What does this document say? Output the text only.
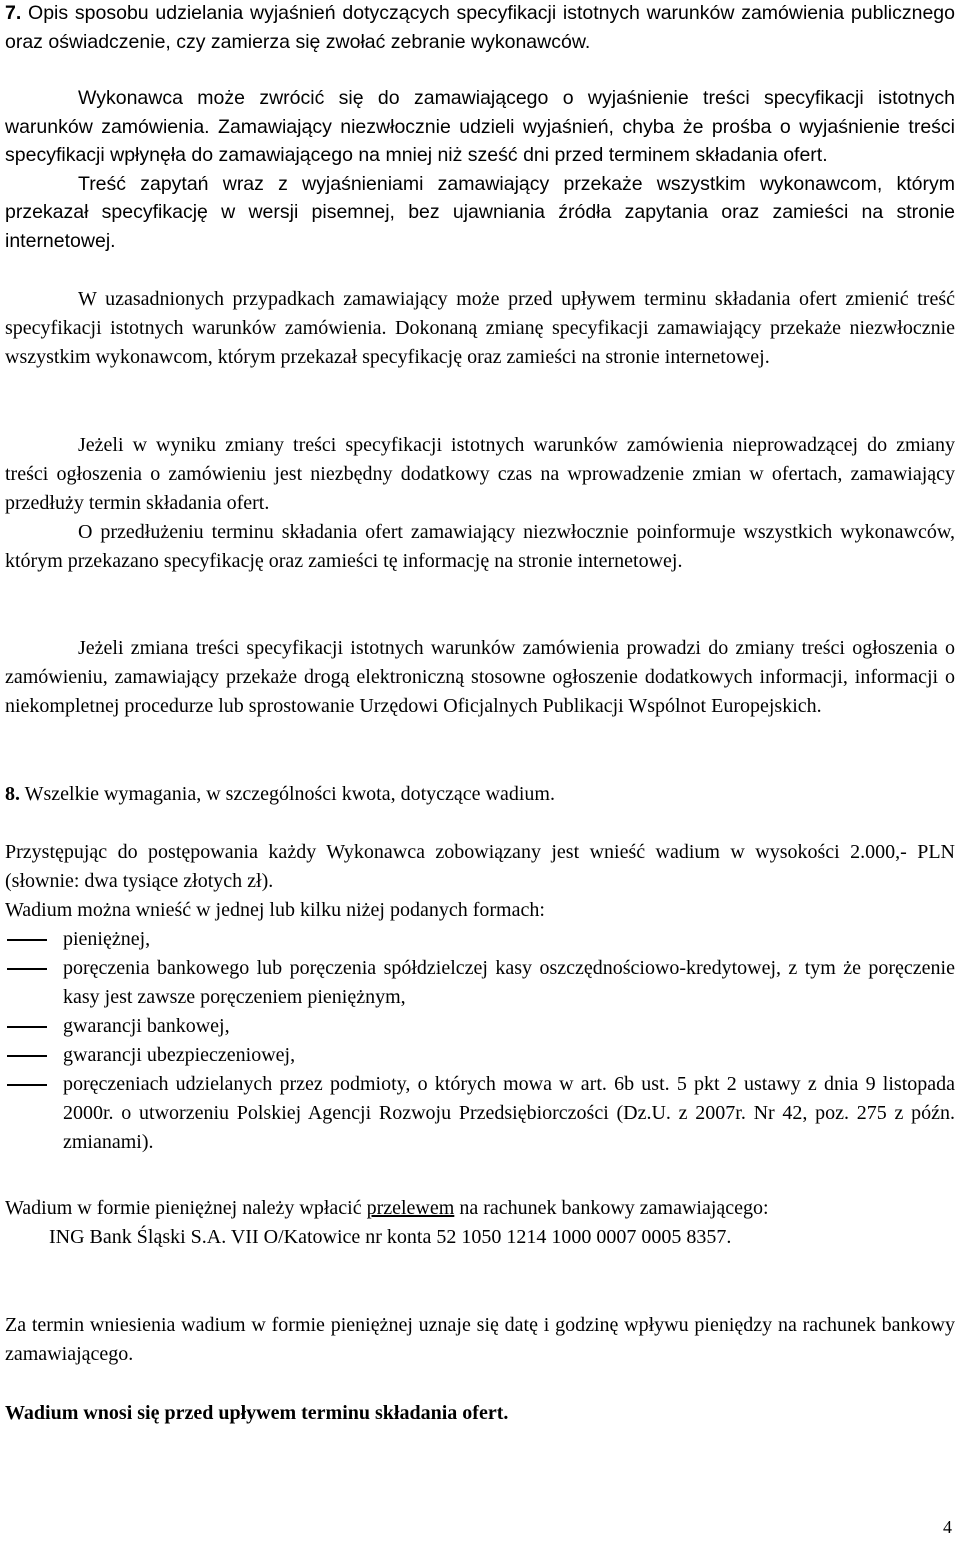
7. Opis sposobu udzielania wyjaśnień dotyczących specyfikacji istotnych warunków zamówienia publicznego oraz oświadczenie, czy zamierza się zwołać zebranie wykonawców.

Wykonawca może zwrócić się do zamawiającego o wyjaśnienie treści specyfikacji istotnych warunków zamówienia. Zamawiający niezwłocznie udzieli wyjaśnień, chyba że prośba o wyjaśnienie treści specyfikacji wpłynęła do zamawiającego na mniej niż sześć dni przed terminem składania ofert.

Treść zapytań wraz z wyjaśnieniami zamawiający przekaże wszystkim wykonawcom, którym przekazał specyfikację w wersji pisemnej, bez ujawniania źródła zapytania oraz zamieści na stronie internetowej.

W uzasadnionych przypadkach zamawiający może przed upływem terminu składania ofert zmienić treść specyfikacji istotnych warunków zamówienia. Dokonaną zmianę specyfikacji zamawiający przekaże niezwłocznie wszystkim wykonawcom, którym przekazał specyfikację oraz zamieści na stronie internetowej.

Jeżeli w wyniku zmiany treści specyfikacji istotnych warunków zamówienia nieprowadzącej do zmiany treści ogłoszenia o zamówieniu jest niezbędny dodatkowy czas na wprowadzenie zmian w ofertach, zamawiający przedłuży termin składania ofert.

O przedłużeniu terminu składania ofert zamawiający niezwłocznie poinformuje wszystkich wykonawców, którym przekazano specyfikację oraz zamieści tę informację na stronie internetowej.

Jeżeli zmiana treści specyfikacji istotnych warunków zamówienia prowadzi do zmiany treści ogłoszenia o zamówieniu, zamawiający przekaże drogą elektroniczną stosowne ogłoszenie dodatkowych informacji, informacji o niekompletnej procedurze lub sprostowanie Urzędowi Oficjalnych Publikacji Wspólnot Europejskich.

8. Wszelkie wymagania, w szczególności kwota, dotyczące wadium.

Przystępując do postępowania każdy Wykonawca zobowiązany jest wnieść wadium w wysokości 2.000,- PLN (słownie: dwa tysiące złotych zł).

Wadium można wnieść w jednej lub kilku niżej podanych formach:

pieniężnej,
poręczenia bankowego lub poręczenia spółdzielczej kasy oszczędnościowo-kredytowej, z tym że poręczenie kasy jest zawsze poręczeniem pieniężnym,
gwarancji bankowej,
gwarancji ubezpieczeniowej,
poręczeniach udzielanych przez podmioty, o których mowa w art. 6b ust. 5 pkt 2 ustawy z dnia 9 listopada 2000r. o utworzeniu Polskiej Agencji Rozwoju Przedsiębiorczości (Dz.U. z 2007r. Nr 42, poz. 275 z późn. zmianami).

Wadium w formie pieniężnej należy wpłacić przelewem na rachunek bankowy zamawiającego:

ING Bank Śląski S.A. VII O/Katowice nr konta 52 1050 1214 1000 0007 0005 8357.

Za termin wniesienia wadium w formie pieniężnej uznaje się datę i godzinę wpływu pieniędzy na rachunek bankowy zamawiającego.

Wadium wnosi się przed upływem terminu składania ofert.
4
